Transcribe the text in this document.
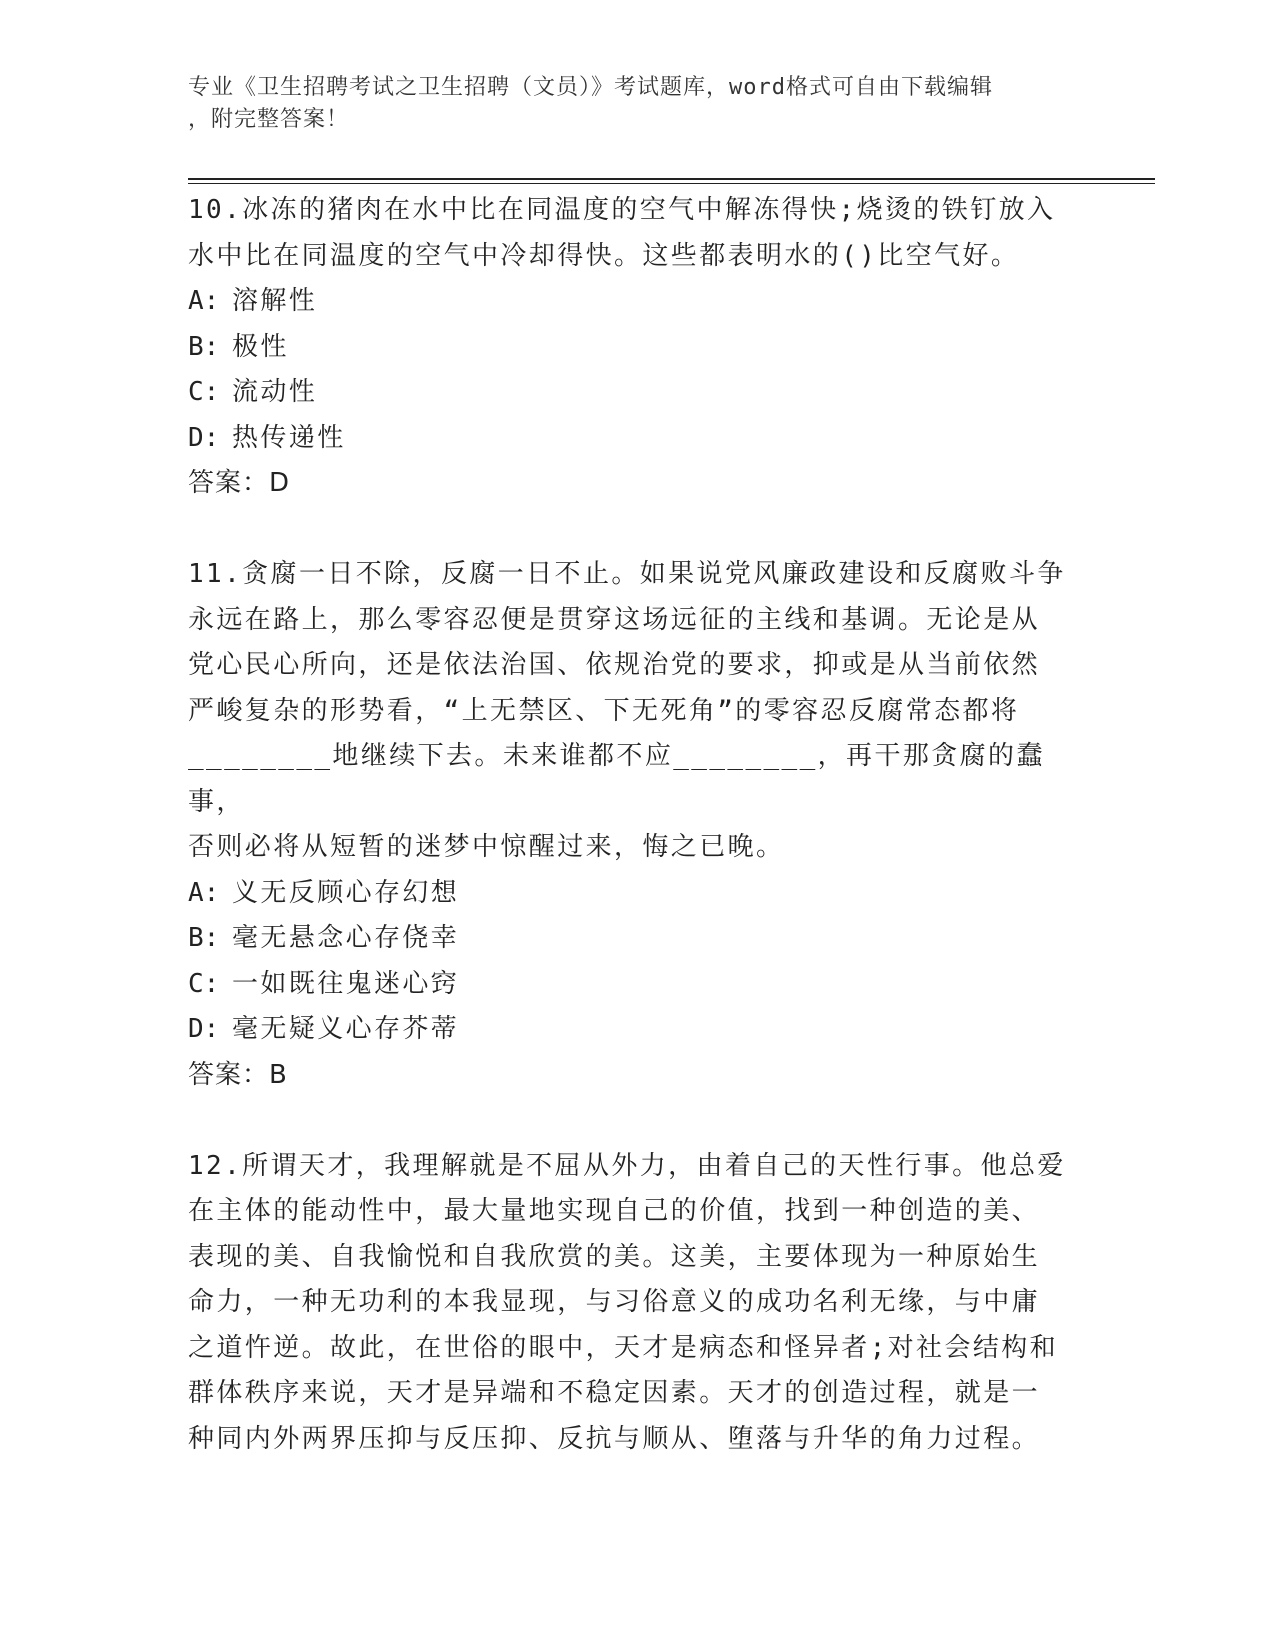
专业《卫生招聘考试之卫生招聘（文员）》考试题库，word格式可自由下载编辑
，附完整答案！

10.冰冻的猪肉在水中比在同温度的空气中解冻得快;烧烫的铁钉放入

水中比在同温度的空气中冷却得快。这些都表明水的()比空气好。

A: 溶解性
B: 极性
C: 流动性
D: 热传递性

答案：D

11.贪腐一日不除，反腐一日不止。如果说党风廉政建设和反腐败斗争

永远在路上，那么零容忍便是贯穿这场远征的主线和基调。无论是从

党心民心所向，还是依法治国、依规治党的要求，抑或是从当前依然

严峻复杂的形势看，“上无禁区、下无死角”的零容忍反腐常态都将

________地继续下去。未来谁都不应________，再干那贪腐的蠢事，

否则必将从短暂的迷梦中惊醒过来，悔之已晚。

A: 义无反顾心存幻想
B: 毫无悬念心存侥幸
C: 一如既往鬼迷心窍
D: 毫无疑义心存芥蒂

答案：B

12.所谓天才，我理解就是不屈从外力，由着自己的天性行事。他总爱

在主体的能动性中，最大量地实现自己的价值，找到一种创造的美、

表现的美、自我愉悦和自我欣赏的美。这美，主要体现为一种原始生

命力，一种无功利的本我显现，与习俗意义的成功名利无缘，与中庸

之道忤逆。故此，在世俗的眼中，天才是病态和怪异者;对社会结构和

群体秩序来说，天才是异端和不稳定因素。天才的创造过程，就是一

种同内外两界压抑与反压抑、反抗与顺从、堕落与升华的角力过程。
